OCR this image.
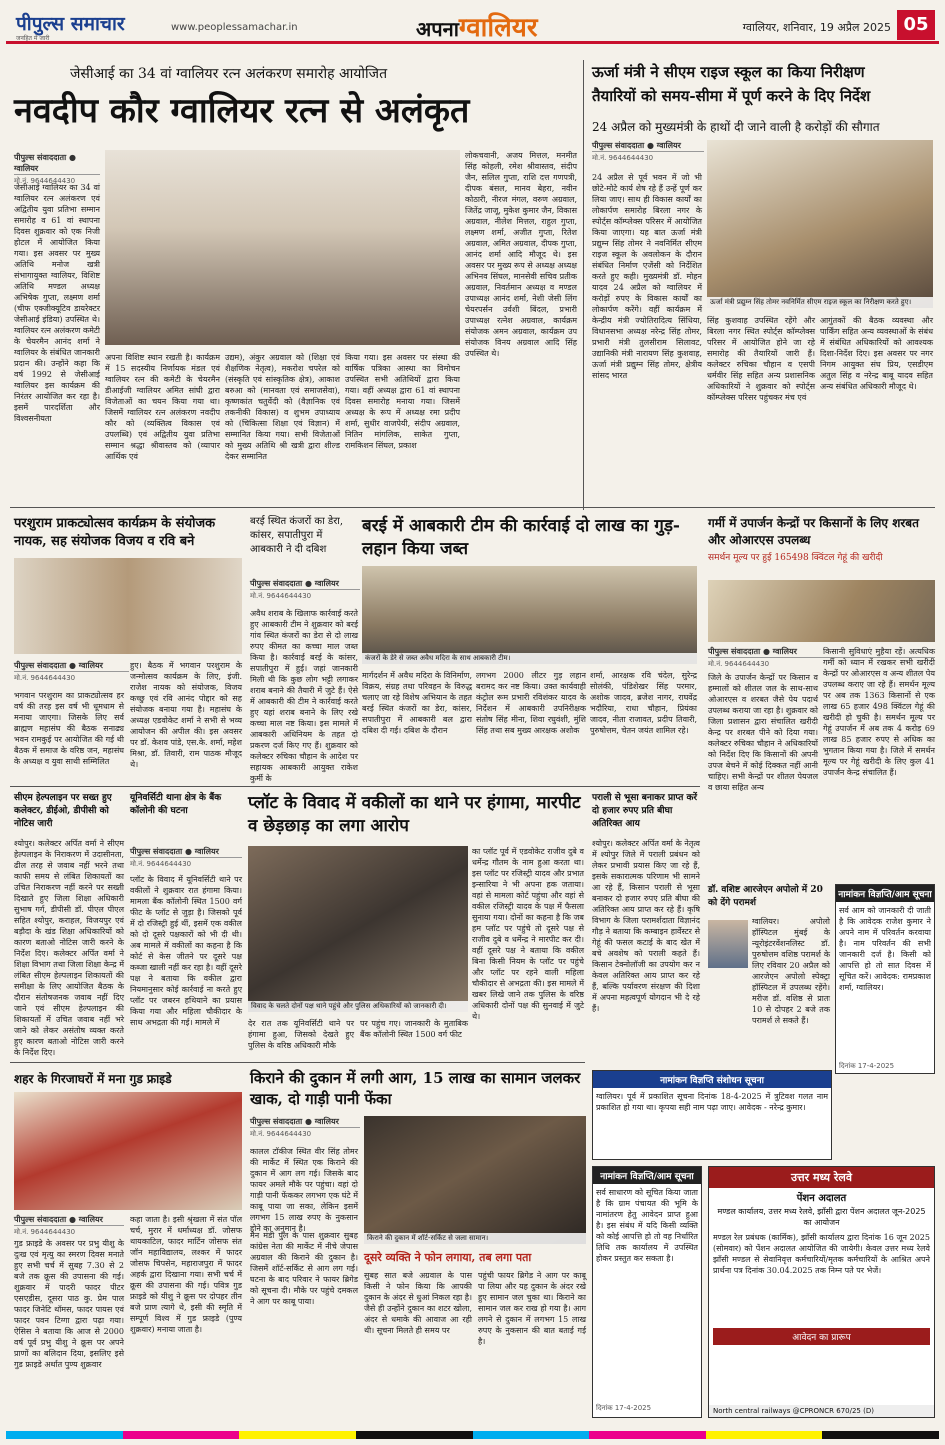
पीपुल्स समाचार
जनहित में जारी
www.peoplessamachar.in	अपनाग्वालियर	ग्वालियर, शनिवार, 19 अप्रैल 2025 05
जेसीआई का 34 वां ग्वालियर रत्न अलंकरण समारोह आयोजित
नवदीप कौर ग्वालियर रत्न से अलंकृत
पीपुल्स संवाददाता ● ग्वालियर
मो.नं. 9644644430
जेसीआई ग्वालियर का 34 वां ग्वालियर रत्न अलंकरण एवं अद्वितीय युवा प्रतिभा सम्मान समारोह व 61 वां स्थापना दिवस शुक्रवार को एक निजी होटल में आयोजित किया गया। इस अवसर पर मुख्य अतिथि मनोज खत्री संभागायुक्त ग्वालियर, विशिष्ट अतिथि मण्डल अध्यक्ष अभिषेक गुप्ता, लक्ष्मण शर्मा (चीफ एक्जीक्यूटिव डायरेक्टर जेसीआई इंडिया) उपस्थित थे। ग्वालियर रत्न अलंकरण कमेटी के चेयरमैन आनंद शर्मा ने ग्वालियर के संबंधित जानकारी प्रदान की। उन्होंने कहा कि वर्ष 1992 से जेसीआई ग्वालियर इस कार्यक्रम की निरंतर आयोजित कर रहा है। इसमें पारदर्शिता और विश्वसनीयता
अपना विशिष्ट स्थान रखती है। कार्यक्रम में 15 सदस्यीय निर्णायक मंडल एवं ग्वालियर रत्न की कमेटी के चेयरमैन डीआईजी ग्वालियर अमित सांघी द्वारा विजेताओं का चयन किया गया था। जिसमें ग्वालियर रत्न अलंकरण नवदीप कौर को (व्यक्तित्व विकास एवं उपलब्धि) एवं अद्वितीय युवा प्रतिभा सम्मान श्रद्धा श्रीवास्तव को (व्यापार आर्थिक एवं
उद्यम), अंकुर अग्रवाल को (शिक्षा एवं शैक्षणिक नेतृत्व), मकरोश चपरेल को (संस्कृति एवं सांस्कृतिक क्षेत्र), आकाश बरुआ को (मानवता एवं समाजसेवा), कृष्णकांत चतुर्वेदी को (वैज्ञानिक एवं तकनीकी विकास) व शुभम उपाध्याय को (चिकित्सा शिक्षा एवं विज्ञान) में सम्मानित किया गया। सभी विजेताओं को मुख्य अतिथि श्री खत्री द्वारा शील्ड देकर सम्मानित
किया गया। इस अवसर पर संस्था की वार्षिक पत्रिका आस्था का विमोचन उपस्थित सभी अतिथियों द्वारा किया गया। वहीं अध्यक्ष द्वारा 61 वां स्थापना दिवस समारोह मनाया गया। जिसमें अध्यक्ष के रूप में अध्यक्ष रमा प्रदीप शर्मा, सुधीर वाजपेयी, संदीप अग्रवाल, नितिन मांगलिक, साकेत गुप्ता, रामकिशन सिंघल, प्रकाश
लोकचवानी, अजय मित्तल, मनमीत सिंह कोहली, रमेश श्रीवास्तव, संदीप जैन, सलिल गुप्ता, राशि दत्त गणपत्री, दीपक बंसल, मानव बेहरा, नवीन कोठारी, नीरज मंगल, वरुण अग्रवाल, जितेंद्र जाजू, मुकेश कुमार जैन, विकास अग्रवाल, नीलेश मित्तल, राहुल गुप्ता, लक्ष्मण शर्मा, अजीत गुप्ता, रितेश अग्रवाल, अमित अग्रवाल, दीपक गुप्ता, आनंद शर्मा आदि मौजूद थे। इस अवसर पर मुख्य रूप से अध्यक्ष अध्यक्ष अभिनव सिंघल, मानसेवी सचिव प्रतीक अग्रवाल, निवर्तमान अध्यक्ष व मण्डल उपाध्यक्ष आनंद शर्मा, नेशी जेसी लिंग चेयरपर्सन उर्वशी बिंदल, प्रभारी उपाध्यक्ष रत्नेश अग्रवाल, कार्यक्रम संयोजक अमन अग्रवाल, कार्यक्रम उप संयोजक विनय अग्रवाल आदि सिंह उपस्थित थे।
ऊर्जा मंत्री ने सीएम राइज स्कूल का किया निरीक्षण
तैयारियों को समय-सीमा में पूर्ण करने के दिए निर्देश
24 अप्रैल को मुख्यमंत्री के हाथों दी जाने वाली है करोड़ों की सौगात
पीपुल्स संवाददाता ● ग्वालियर
मो.नं. 9644644430
ऊर्जा मंत्री प्रद्युम्न सिंह तोमर नवनिर्मित सीएम राइज स्कूल का निरीक्षण करते हुए।
24 अप्रैल से पूर्व भवन में जो भी छोटे-मोटे कार्य शेष रहे हैं उन्हें पूर्ण कर लिया जाए। साथ ही विकास कार्यों का लोकार्पण समारोह बिरला नगर के स्पोर्ट्स कॉम्प्लेक्स परिसर में आयोजित किया जाएगा। यह बात ऊर्जा मंत्री प्रद्युम्न सिंह तोमर ने नवनिर्मित सीएम राइज स्कूल के अवलोकन के दौरान संबंधित निर्माण एजेंसी को निर्देशित करते हुए कही। मुख्यमंत्री डॉ. मोहन यादव 24 अप्रैल को ग्वालियर में करोड़ों रुपए के विकास कार्यों का लोकार्पण करेंगे। वहीं कार्यक्रम में केन्द्रीय मंत्री ज्योतिरादित्य सिंधिया, विधानसभा अध्यक्ष नरेन्द्र सिंह तोमर, प्रभारी मंत्री तुलसीराम सिलावट, उद्यानिकी मंत्री नारायण सिंह कुशवाह, ऊर्जा मंत्री प्रद्युम्न सिंह तोमर, क्षेत्रीय सांसद भारत
सिंह कुशवाह उपस्थित रहेंगे और बिरला नगर स्थित स्पोर्ट्स कॉम्प्लेक्स परिसर में आयोजित होने जा रहे समारोह की तैयारियों जारी हैं। कलेक्टर रुचिका चौहान व एसपी धर्मवीर सिंह सहित अन्य प्रशासनिक अधिकारियों ने शुक्रवार को स्पोर्ट्स कॉम्प्लेक्स परिसर पहुंचकर मंच एवं
आगुंतकों की बैठक व्यवस्था और पार्किंग सहित अन्य व्यवस्थाओं के संबंध में संबंधित अधिकारियों को आवश्यक दिशा-निर्देश दिए। इस अवसर पर नगर निगम आयुक्त संघ प्रिय, एसडीएम अतुल सिंह व नरेन्द्र बाबू यादव सहित अन्य संबंधित अधिकारी मौजूद थे।
परशुराम प्राकट्योत्सव कार्यक्रम के संयोजक नायक, सह संयोजक विजय व रवि बने
पीपुल्स संवाददाता ● ग्वालियर
मो.नं. 9644644430
भगवान परशुराम का प्राकट्योत्सव हर वर्ष की तरह इस वर्ष भी धूमधाम से मनाया जाएगा। जिसके लिए सर्व ब्राह्मण महासंघ की बैठक सनाढ्य भवन रामकुई पर आयोजित की गई थी बैठक में समाज के वरिष्ठ जन, महासंघ के अध्यक्ष व युवा साथी सम्मिलित
हुए। बैठक में भगवान परशुराम के जन्मोत्सव कार्यक्रम के लिए, इंजी. राजेश नायक को संयोजक, विजय कच्छु एवं रवि आनंद पोद्दार को सह संयोजक बनाया गया है। महासंघ के अध्यक्ष एडवोकेट शर्मा ने सभी से भव्य आयोजन की अपील की। इस अवसर पर डॉ. केशव पांडे, एस.के. शर्मा, महेश मिश्रा, डॉ. तिवारी, राम पाठक मौजूद थे।
बरई स्थित कंजरों का डेरा, कांसर, सपातीपुरा में आबकारी ने दी दबिश
बरई में आबकारी टीम की कार्रवाई दो लाख का गुड़-लहान किया जब्त
पीपुल्स संवाददाता ● ग्वालियर
मो.नं. 9644644430
कंजरों के डेरे से जब्त अवैध मदिरा के साथ आबकारी टीम।
अवैध शराब के खिलाफ कार्रवाई करते हुए आबकारी टीम ने शुक्रवार को बरई गांव स्थित कंजरों का डेरा से दो लाख रुपए कीमत का कच्चा माल जब्त किया है। कार्रवाई बरई के कांसर, सपातीपुरा में हुई। जहां जानकारी मिली थी कि कुछ लोग भट्टी लगाकर शराब बनाने की तैयारी में जुटे हैं। ऐसे में आबकारी की टीम ने कार्रवाई करते हुए यहां शराब बनाने के लिए रखे कच्चा माल नष्ट किया। इस मामले में आबकारी अधिनियम के तहत दो प्रकरण दर्ज किए गए हैं। शुक्रवार को कलेक्टर रुचिका चौहान के आदेश पर सहायक आबकारी आयुक्त राकेश कुर्मी के
मार्गदर्शन में अवैध मदिरा के विनिर्माण, विक्रय, संग्रह तथा परिवहन के विरुद्ध चलाए जा रहे विशेष अभियान के तहत बरई स्थित कंजरों का डेरा, कांसर, सपातीपुरा में आबकारी बल द्वारा दबिश दी गई। दबिश के दौरान
लगभग 2000 लीटर गुड़ लहान बरामद कर नष्ट किया। उक्त कार्यवाही कंट्रोल रूम प्रभारी रविशंकर यादव के निर्देशन में आबकारी उपनिरीक्षक संतोष सिंह मीना, शिवा रघुवंशी, मुंशि सिंह तथा सब मुख्य आरक्षक अशोक
शर्मा, आरक्षक रवि चंदेल, सुरेन्द्र सोलंकी, पंडिशेखर सिंह परमार, अशोक जादव, ब्रजेश नागर, राघवेंद्र भदौरिया, राधा चौहान, प्रियंका जादव, नीता राजावत, प्रदीप तिवारी, पुरुषोत्तम, चेतन जयंत शामिल रहे।
गर्मी में उपार्जन केन्द्रों पर किसानों के लिए शरबत और ओआरएस उपलब्ध
समर्थन मूल्य पर हुई 165498 क्विंटल गेहूं की खरीदी
पीपुल्स संवाददाता ● ग्वालियर
मो.नं. 9644644430
जिले के उपार्जन केन्द्रों पर किसान व हम्मालों को शीतल जल के साथ-साथ ओआरएस व शरबत जैसे पेय पदार्थ उपलब्ध कराया जा रहा है। शुक्रवार को जिला प्रशासन द्वारा संचालित खरीदी केन्द्र पर शरबत पीने को दिया गया। कलेक्टर रुचिका चौहान ने अधिकारियों को निर्देश दिए कि किसानों की अपनी उपज बेचने में कोई दिक्कत नहीं आनी चाहिए। सभी केन्द्रों पर शीतल पेयजल व छाया सहित अन्य
किसानी सुविधाएं मुहैया रहें। अत्यधिक गर्मी को ध्यान में रखकर सभी खरीदी केन्द्रों पर ओआरएस व अन्य शीतल पेय उपलब्ध कराए जा रहे हैं। समर्थन मूल्य पर अब तक 1363 किसानों से एक लाख 65 हजार 498 क्विंटल गेहूं की खरीदी हो चुकी है। समर्थन मूल्य पर गेहूं उपार्जन में अब तक 4 करोड़ 69 लाख 85 हजार रुपए से अधिक का भुगतान किया गया है। जिले में समर्थन मूल्य पर गेहूं खरीदी के लिए कुल 41 उपार्जन केन्द्र संचालित हैं।
सीएम हेल्पलाइन पर सख्त हुए कलेक्टर, डीईओ, डीपीसी को नोटिस जारी
श्योपुर। कलेक्टर अर्पित वर्मा ने सीएम हेल्पलाइन के निराकरण में उदासीनता, ढील तरह से जवाब नहीं भरने तथा काफी समय से लंबित शिकायतों का उचित निराकरण नहीं करने पर सख्ती दिखाते हुए जिला शिक्षा अधिकारी सुभाष गर्ग, डीपीसी डॉ. पीएल पीएल सहित श्योपुर, कराहल, विजयपुर एवं बड़ौदा के खंड शिक्षा अधिकारियों को कारण बताओ नोटिस जारी करने के निर्देश दिए। कलेक्टर अर्पित वर्मा ने शिक्षा विभाग तथा जिला शिक्षा केन्द्र में लंबित सीएम हेल्पलाइन शिकायतों की समीक्षा के लिए आयोजित बैठक के दौरान संतोषजनक जवाब नहीं दिए जाने एवं सीएम हेल्पलाइन की शिकायतों में उचित जवाब नहीं भरे जाने को लेकर असंतोष व्यक्त करते हुए कारण बताओ नोटिस जारी करने के निर्देश दिए।
यूनिवर्सिटी थाना क्षेत्र के बैंक कॉलोनी की घटना	प्लॉट के विवाद में वकीलों का थाने पर हंगामा, मारपीट व छेड़छाड़ का लगा आरोप
पीपुल्स संवाददाता ● ग्वालियर
मो.नं. 9644644430
प्लॉट के विवाद में यूनिवर्सिटी थाने पर वकीलों ने शुक्रवार रात हंगामा किया। मामला बैंक कॉलोनी स्थित 1500 वर्ग फीट के प्लॉट से जुड़ा है। जिसको पूर्व में दो रजिस्ट्री हुई थीं, इसमें एक वकील को दो दूसरे पक्षकारों को भी दी थी। अब मामले में वकीलों का कहना है कि कोर्ट से केस जीतने पर दूसरे पक्ष कब्जा खाली नहीं कर रहा है। वहीं दूसरे पक्ष ने बताया कि वकील द्वारा नियमानुसार कोई कार्रवाई ना करते हुए प्लॉट पर जबरन हथियाने का प्रयास किया गया और महिला चौकीदार के साथ अभद्रता की गई। मामले में
विवाद के चलते दोनों पक्ष थाने पहुंचे और पुलिस अधिकारियों को जानकारी दी।
देर रात तक यूनिवर्सिटी थाने पर हंगामा हुआ, जिसको देखते हुए पुलिस के वरिष्ठ अधिकारी मौके
पर पहुंच गए। जानकारी के मुताबिक बैंक कॉलोनी स्थित 1500 वर्ग फीट
का प्लॉट पूर्व में एडवोकेट राजीव दुबे व धर्मेन्द्र गौतम के नाम हुआ करता था। इस प्लॉट पर रजिस्ट्री यादव और प्रभात इन्सारिया ने भी अपना हक जताया। वहां से मामला कोर्ट पहुंचा और वहां से वकील रजिस्ट्री यादव के पक्ष में फैसला सुनाया गया। दोनों का कहना है कि जब हम प्लॉट पर पहुंचे तो दूसरे पक्ष से राजीव दुबे व धर्मेन्द्र ने मारपीट कर दी। वहीं दूसरे पक्ष ने बताया कि वकील बिना किसी नियम के प्लॉट पर पहुंचे और प्लॉट पर रहने वाली महिला चौकीदार से अभद्रता की। इस मामले में खबर लिखे जाने तक पुलिस के वरिष्ठ अधिकारी दोनों पक्ष की सुनवाई में जुटे थे।
पराली से भूसा बनाकर प्राप्त करें दो हजार रुपए प्रति बीघा अतिरिक्त आय
श्योपुर। कलेक्टर अर्पित वर्मा के नेतृत्व में श्योपुर जिले में पराली प्रबंधन को लेकर प्रभावी प्रयास किए जा रहे हैं, इसके सकारात्मक परिणाम भी सामने आ रहे हैं, किसान पराली से भूसा बनाकर दो हजार रुपए प्रति बीघा की अतिरिक्त आय प्राप्त कर रहे हैं। कृषि विभाग के जिला परामर्शदाता विज्ञानंद गौड़ ने बताया कि कम्बाइन हार्वेस्टर से गेहूं की फसल कटाई के बाद खेत में बचे अवशेष को पराली कहते हैं। किसान टेक्नोलॉजी का उपयोग कर न केवल अतिरिक्त आय प्राप्त कर रहे हैं, बल्कि पर्यावरण संरक्षण की दिशा में अपना महत्वपूर्ण योगदान भी दे रहे हैं।
डॉ. वशिष्ट आरजेएन अपोलो में 20 को देंगे परामर्श
ग्वालियर। अपोलो हॉस्पिटल मुंबई के न्यूरोइंटरवेंशनलिस्ट डॉ. पुरुषोत्तम वशिष्ठ परामर्श के लिए रविवार 20 अप्रैल को आरजेएन अपोलो स्पेक्ट्रा हॉस्पिटल में उपलब्ध रहेंगे। मरीज डॉ. वशिष्ठ से प्रातः 10 से दोपहर 2 बजे तक परामर्श ले सकते हैं।
नामांकन विज्ञप्ति/आम सूचना
सर्व आम को जानकारी दी जाती है कि आवेदक राजेश कुमार ने अपने नाम में परिवर्तन करवाया है। नाम परिवर्तन की सभी जानकारी दर्ज है। किसी को आपत्ति हो तो सात दिवस में सूचित करें। आवेदक: रामप्रकाश शर्मा, ग्वालियर।
दिनांक 17-4-2025
नामांकन विज्ञप्ति संशोधन सूचना
ग्वालियर। पूर्व में प्रकाशित सूचना दिनांक 18-4-2025 में त्रुटिवश गलत नाम प्रकाशित हो गया था। कृपया सही नाम पढ़ा जाए। आवेदक - नरेन्द्र कुमार।
शहर के गिरजाघरों में मना गुड फ्राइडे
पीपुल्स संवाददाता ● ग्वालियर
मो.नं. 9644644430
गुड फ्राइडे के अवसर पर प्रभु यीशु के दुःख एवं मृत्यु का स्मरण दिवस मनाते हुए सभी चर्च में सुबह 7.30 से 2 बजे तक क्रूस की उपासना की गई। शुक्रवार में पादरी फादर पीटर एसएडीस, दूसरा पाठ कु. प्रेम पाल फादर जिनेटि थॉमस, फादर पायस एवं फादर पवन टिग्गा द्वारा पढ़ा गया। ऐसिस ने बताया कि आज से 2000 वर्ष पूर्व प्रभु यीशु ने क्रूस पर अपने प्राणों का बलिदान दिया, इसलिए इसे गुड फ्राइडे अर्थात पुण्य शुक्रवार
कहा जाता है। इसी श्रृंखला में संत पॉल चर्च, मुरार में धर्माध्यक्ष डॉ. जोसफ थायकाटिल, फादर मार्टिन जोसफ संत जॉन महाविद्यालय, लश्कर में फादर जोसफ चिपसेन, महाराजपुरा में फादर अहर्क द्वारा दिखाना गया। सभी चर्च में क्रूस की उपासना की गई। पवित्र गुड फ्राइडे को यीशु ने क्रूस पर दोपहर तीन बजे प्राण त्यागे थे, इसी की स्मृति में सम्पूर्ण विश्व में गुड फ्राइडे (पुण्य शुक्रवार) मनाया जाता है।
किराने की दुकान में लगी आग, 15 लाख का सामान जलकर खाक, दो गाड़ी पानी फेंका
पीपुल्स संवाददाता ● ग्वालियर
मो.नं. 9644644430
कालल टॉकीज स्थित वीर सिंह तोमर की मार्केट में स्थित एक किराने की दुकान में आग लग गई। जिसके बाद फायर अमले मौके पर पहुंचा। वहां दो गाड़ी पानी फेंककर लगभग एक घंटे में काबू पाया जा सका, लेकिन इसमें लगभग 15 लाख रुपए के नुकसान होने का अनुमान है।
मैन मंडी पुल के पास शुक्रवार सुबह कांग्रेस नेता की मार्केट में नीचे जेपास अग्रवाल की किराने की दुकान है। जिसमें शॉर्ट-सर्किट से आग लग गई। घटना के बाद परिवार ने फायर ब्रिगेड को सूचना दी। मौके पर पहुंचे दमकल ने आग पर काबू पाया।
किराने की दुकान में शॉर्ट-सर्किट से जला सामान।
दूसरे व्यक्ति ने फोन लगाया, तब लगा पता
सुबह सात बजे अग्रवाल के पास किसी ने फोन किया कि आपकी दुकान के अंदर से धुआं निकल रहा है। जैसे ही उन्होंने दुकान का शटर खोला, अंदर से धमाके की आवाज आ रही थी। सूचना मिलते ही समय पर
पहुंची फायर ब्रिगेड ने आग पर काबू पा लिया और यह दुकान के अंदर रखे हुए सामान जल चुका था। किराने का सामान जल कर राख हो गया है। आग लगने से दुकान में लगभग 15 लाख रुपए के नुकसान की बात बताई गई है।
नामांकन विज्ञप्ति/आम सूचना
सर्व साधारण को सूचित किया जाता है कि ग्राम पंचायत की भूमि के नामांतरण हेतु आवेदन प्राप्त हुआ है। इस संबंध में यदि किसी व्यक्ति को कोई आपत्ति हो तो वह निर्धारित तिथि तक कार्यालय में उपस्थित होकर प्रस्तुत कर सकता है।
दिनांक 17-4-2025
उत्तर मध्य रेलवे
पेंशन अदालत
मण्डल कार्यालय, उत्तर मध्य रेलवे, झाँसी द्वारा पेंशन अदालत जून-2025 का आयोजन
मण्डल रेल प्रबंधक (कार्मिक), झाँसी कार्यालय द्वारा दिनांक 16 जून 2025 (सोमवार) को पेंशन अदालत आयोजित की जायेगी। केवल उत्तर मध्य रेलवे झाँसी मण्डल से सेवानिवृत्त कर्मचारियों/मृतक कर्मचारियों के आश्रित अपने प्रार्थना पत्र दिनांक 30.04.2025 तक निम्न पते पर भेजें।
आवेदन का प्रारूप
North central railways @CPRONCR 670/25 (D)
